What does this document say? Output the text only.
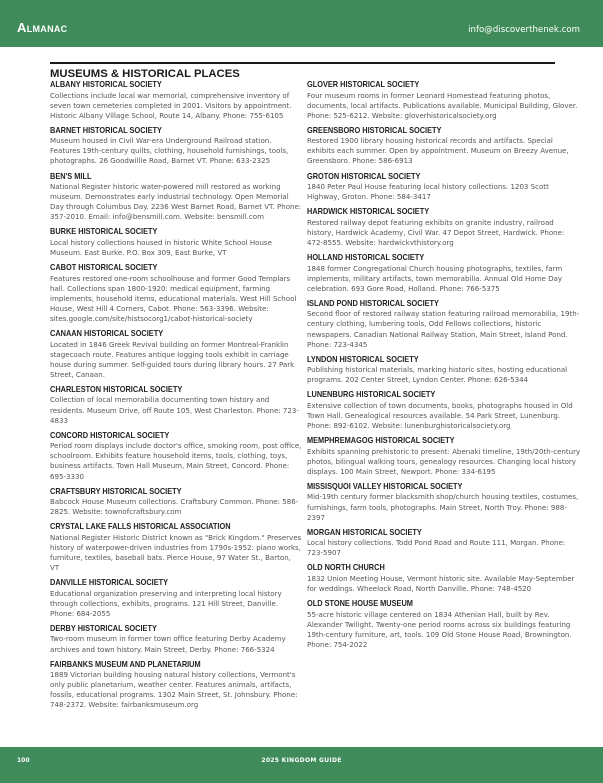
Almanac	info@discoverthenek.com
MUSEUMS & HISTORICAL PLACES
ALBANY HISTORICAL SOCIETY

Collections include local war memorial, comprehensive inventory of seven town cemeteries completed in 2001. Visitors by appointment. Historic Albany Village School, Route 14, Albany. Phone: 755-6105

BARNET HISTORICAL SOCIETY

Museum housed in Civil War-era Underground Railroad station. Features 19th-century quilts, clothing, household furnishings, tools, photographs. 26 Goodwillie Road, Barnet VT. Phone: 633-2325

BEN'S MILL

National Register historic water-powered mill restored as working museum. Demonstrates early industrial technology. Open Memorial Day through Columbus Day. 2236 West Barnet Road, Barnet VT. Phone: 357-2010. Email: info@bensmill.com. Website: bensmill.com

BURKE HISTORICAL SOCIETY

Local history collections housed in historic White School House Museum. East Burke. P.O. Box 309, East Burke, VT

CABOT HISTORICAL SOCIETY

Features restored one-room schoolhouse and former Good Templars hall. Collections span 1800-1920: medical equipment, farming implements, household items, educational materials. West Hill School House, West Hill 4 Corners, Cabot. Phone: 563-3396. Website: sites.google.com/site/histsocorg1/cabot-historical-society

CANAAN HISTORICAL SOCIETY

Located in 1846 Greek Revival building on former Montreal-Franklin stagecoach route. Features antique logging tools exhibit in carriage house during summer. Self-guided tours during library hours. 27 Park Street, Canaan.

CHARLESTON HISTORICAL SOCIETY

Collection of local memorabilia documenting town history and residents. Museum Drive, off Route 105, West Charleston. Phone: 723-4833

CONCORD HISTORICAL SOCIETY

Period room displays include doctor's office, smoking room, post office, schoolroom. Exhibits feature household items, tools, clothing, toys, business artifacts. Town Hall Museum, Main Street, Concord. Phone: 695-3330

CRAFTSBURY HISTORICAL SOCIETY

Babcock House Museum collections. Craftsbury Common. Phone: 586-2825. Website: townofcraftsbury.com

CRYSTAL LAKE FALLS HISTORICAL ASSOCIATION

National Register Historic District known as "Brick Kingdom." Preserves history of waterpower-driven industries from 1790s-1952: piano works, furniture, textiles, baseball bats. Pierce House, 97 Water St., Barton, VT

DANVILLE HISTORICAL SOCIETY

Educational organization preserving and interpreting local history through collections, exhibits, programs. 121 Hill Street, Danville. Phone: 684-2055

DERBY HISTORICAL SOCIETY

Two-room museum in former town office featuring Derby Academy archives and town history. Main Street, Derby. Phone: 766-5324

FAIRBANKS MUSEUM AND PLANETARIUM

1889 Victorian building housing natural history collections, Vermont's only public planetarium, weather center. Features animals, artifacts, fossils, educational programs. 1302 Main Street, St. Johnsbury. Phone: 748-2372. Website: fairbanksmuseum.org

GLOVER HISTORICAL SOCIETY

Four museum rooms in former Leonard Homestead featuring photos, documents, local artifacts. Publications available. Municipal Building, Glover. Phone: 525-6212. Website: gloverhistoricalsociety.org

GREENSBORO HISTORICAL SOCIETY

Restored 1900 library housing historical records and artifacts. Special exhibits each summer. Open by appointment. Museum on Breezy Avenue, Greensboro. Phone: 586-6913

GROTON HISTORICAL SOCIETY

1840 Peter Paul House featuring local history collections. 1203 Scott Highway, Groton. Phone: 584-3417

HARDWICK HISTORICAL SOCIETY

Restored railway depot featuring exhibits on granite industry, railroad history, Hardwick Academy, Civil War. 47 Depot Street, Hardwick. Phone: 472-8555. Website: hardwickvthistory.org

HOLLAND HISTORICAL SOCIETY

1848 former Congregational Church housing photographs, textiles, farm implements, military artifacts, town memorabilia. Annual Old Home Day celebration. 693 Gore Road, Holland. Phone: 766-5375

ISLAND POND HISTORICAL SOCIETY

Second floor of restored railway station featuring railroad memorabilia, 19th-century clothing, lumbering tools, Odd Fellows collections, historic newspapers. Canadian National Railway Station, Main Street, Island Pond. Phone: 723-4345

LYNDON HISTORICAL SOCIETY

Publishing historical materials, marking historic sites, hosting educational programs. 202 Center Street, Lyndon Center. Phone: 626-5344

LUNENBURG HISTORICAL SOCIETY

Extensive collection of town documents, books, photographs housed in Old Town Hall. Genealogical resources available. 54 Park Street, Lunenburg. Phone: 892-6102. Website: lunenburghistoricalsociety.org

MEMPHREMAGOG HISTORICAL SOCIETY

Exhibits spanning prehistoric to present: Abenaki timeline, 19th/20th-century photos, bilingual walking tours, genealogy resources. Changing local history displays. 100 Main Street, Newport. Phone: 334-6195

MISSISQUOI VALLEY HISTORICAL SOCIETY

Mid-19th century former blacksmith shop/church housing textiles, costumes, furnishings, farm tools, photographs. Main Street, North Troy. Phone: 988-2397

MORGAN HISTORICAL SOCIETY

Local history collections. Todd Pond Road and Route 111, Morgan. Phone: 723-5907

OLD NORTH CHURCH

1832 Union Meeting House, Vermont historic site. Available May-September for weddings. Wheelock Road, North Danville. Phone: 748-4520

OLD STONE HOUSE MUSEUM

55-acre historic village centered on 1834 Athenian Hall, built by Rev. Alexander Twilight. Twenty-one period rooms across six buildings featuring 19th-century furniture, art, tools. 109 Old Stone House Road, Brownington. Phone: 754-2022

100	2025 KINGDOM GUIDE
